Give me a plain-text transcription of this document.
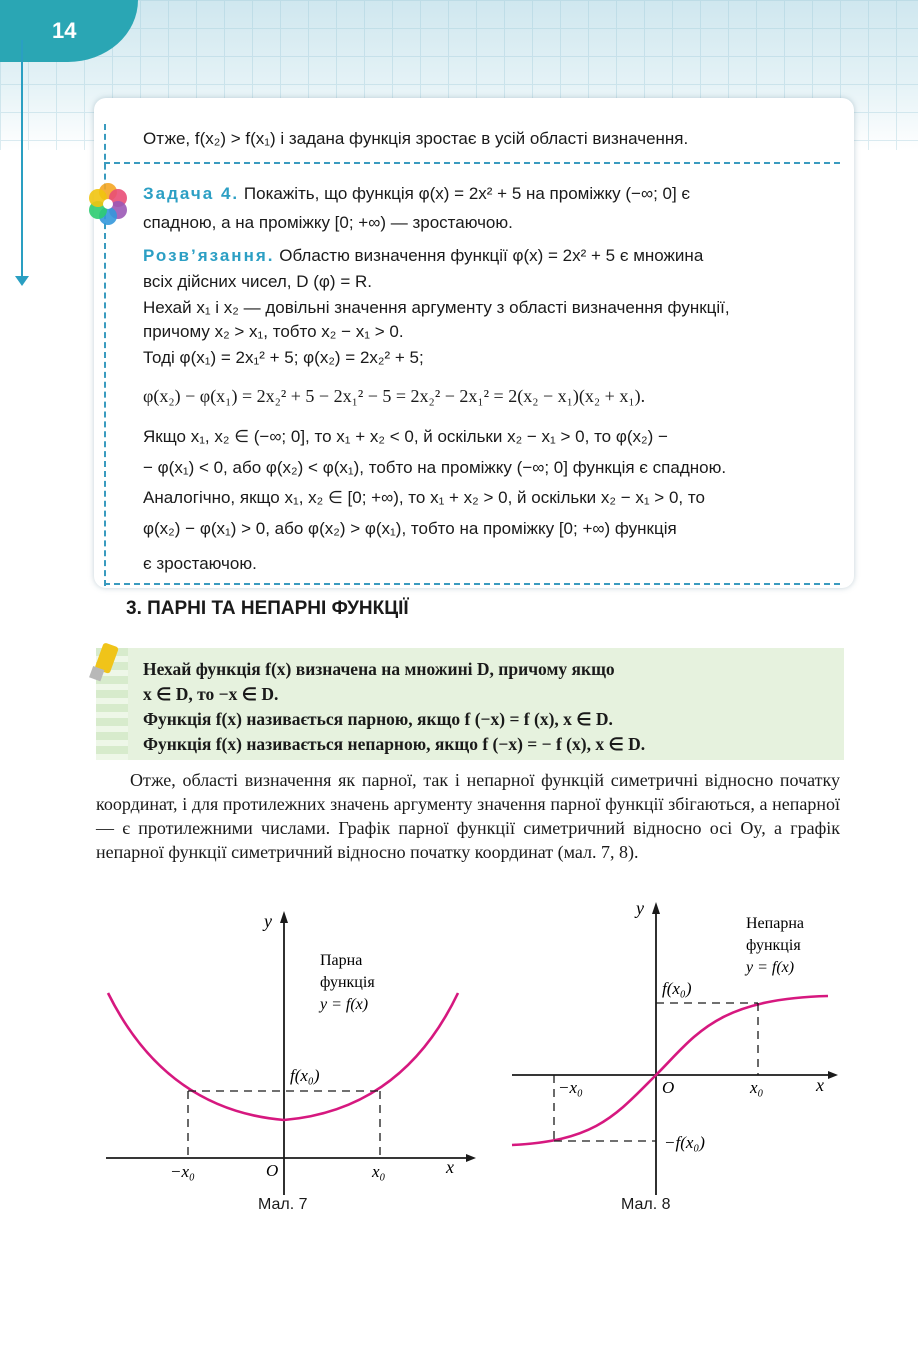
14
Отже, f(x₂) > f(x₁) і задана функція зростає в усій області визначення.
Задача 4. Покажіть, що функція φ(x) = 2x² + 5 на проміжку (−∞; 0] є
спадною, а на проміжку [0; +∞) — зростаючою.
Розв’язання. Областю визначення функції φ(x) = 2x² + 5 є множина
всіх дійсних чисел, D (φ) = R.
Нехай x₁ і x₂ — довільні значення аргументу з області визначення функції,
причому x₂ > x₁, тобто x₂ − x₁ > 0.
Тоді φ(x₁) = 2x₁² + 5; φ(x₂) = 2x₂² + 5;
φ(x₂) − φ(x₁) = 2x₂² + 5 − 2x₁² − 5 = 2x₂² − 2x₁² = 2(x₂ − x₁)(x₂ + x₁).
Якщо x₁, x₂ ∈ (−∞; 0], то x₁ + x₂ < 0, й оскільки x₂ − x₁ > 0, то φ(x₂) −
− φ(x₁) < 0, або φ(x₂) < φ(x₁), тобто на проміжку (−∞; 0] функція є спадною.
Аналогічно, якщо x₁, x₂ ∈ [0; +∞), то x₁ + x₂ > 0, й оскільки x₂ − x₁ > 0, то
φ(x₂) − φ(x₁) > 0, або φ(x₂) > φ(x₁), тобто на проміжку [0; +∞) функція
є зростаючою.
3. ПАРНІ ТА НЕПАРНІ ФУНКЦІЇ
Нехай функція f(x) визначена на множині D, причому якщо
x ∈ D, то −x ∈ D.
Функція f(x) називається парною, якщо f (−x) = f (x), x ∈ D.
Функція f(x) називається непарною, якщо f (−x) = − f (x), x ∈ D.
Отже, області визначення як парної, так і непарної функцій симетричні відносно початку координат, і для протилежних значень аргументу значення парної функції збігаються, а непарної — є протилежними числами. Графік парної функції симетричний відносно осі Oy, а графік непарної функції симетричний відносно початку координат (мал. 7, 8).
y
x
O
−x₀	x₀
f(x₀)
Парна
функція
y = f(x)
Мал. 7
y
x
O
−x₀	x₀
f(x₀)
−f(x₀)
Непарна
функція
y = f(x)
Мал. 8
